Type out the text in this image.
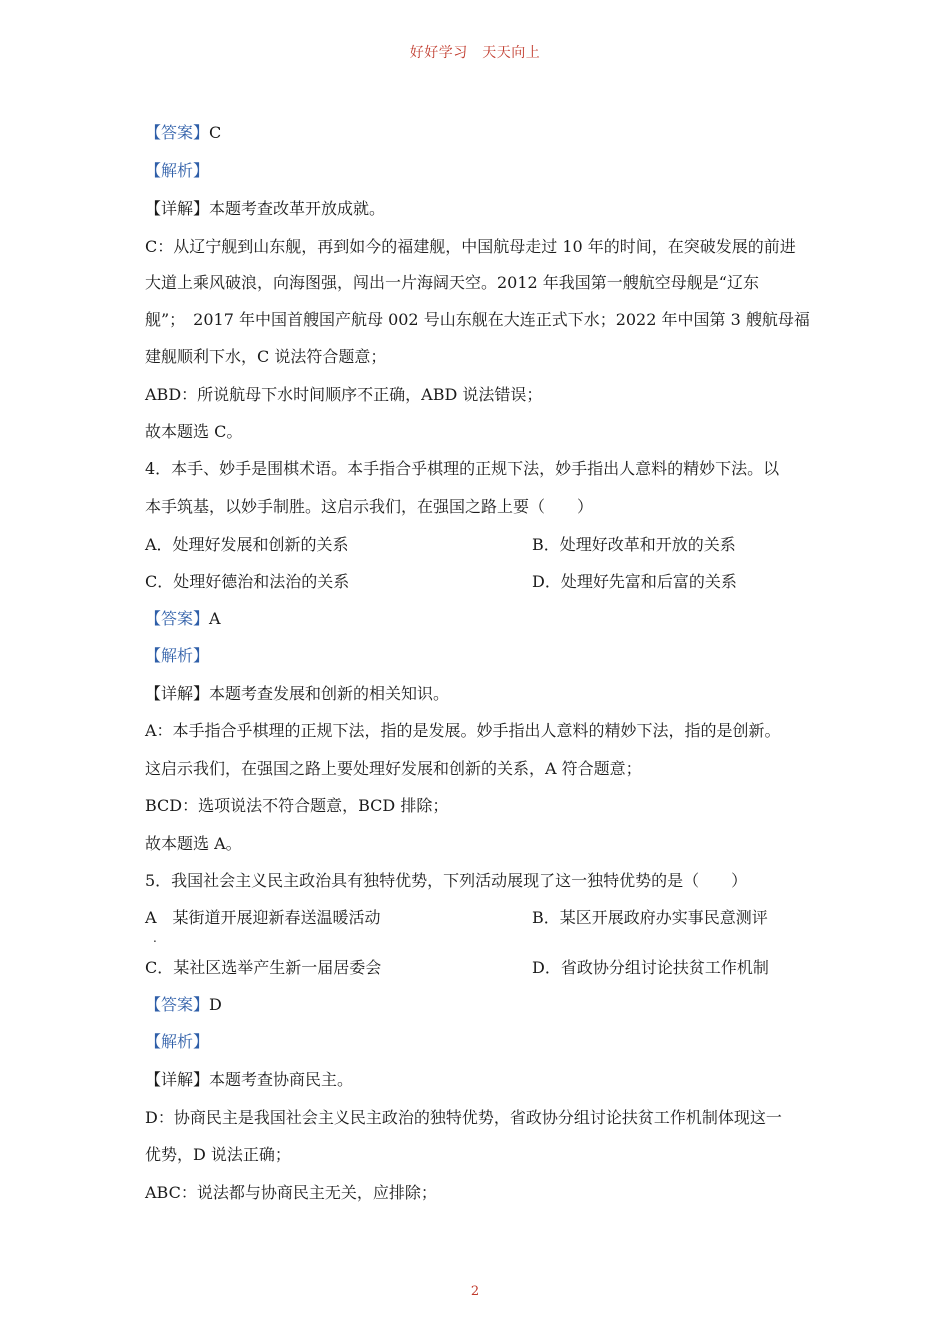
好好学习　天天向上
【答案】C
【解析】
【详解】本题考查改革开放成就。
C：从辽宁舰到山东舰，再到如今的福建舰，中国航母走过 10 年的时间，在突破发展的前进
大道上乘风破浪，向海图强，闯出一片海阔天空。2012 年我国第一艘航空母舰是“辽东
舰”；　2017 年中国首艘国产航母 002 号山东舰在大连正式下水；2022 年中国第 3 艘航母福
建舰顺利下水，C 说法符合题意；
ABD：所说航母下水时间顺序不正确，ABD 说法错误；
故本题选 C。
4．本手、妙手是围棋术语。本手指合乎棋理的正规下法，妙手指出人意料的精妙下法。以
本手筑基，以妙手制胜。这启示我们，在强国之路上要（　　）
A．处理好发展和创新的关系	B．处理好改革和开放的关系
C．处理好德治和法治的关系	D．处理好先富和后富的关系
【答案】A
【解析】
【详解】本题考查发展和创新的相关知识。
A：本手指合乎棋理的正规下法，指的是发展。妙手指出人意料的精妙下法，指的是创新。
这启示我们，在强国之路上要处理好发展和创新的关系，A 符合题意；
BCD：选项说法不符合题意，BCD 排除；
故本题选 A。
5．我国社会主义民主政治具有独特优势，下列活动展现了这一独特优势的是（　　）
A　某街道开展迎新春送温暖活动	B．某区开展政府办实事民意测评
C．某社区选举产生新一届居委会	D．省政协分组讨论扶贫工作机制
【答案】D
【解析】
【详解】本题考查协商民主。
D：协商民主是我国社会主义民主政治的独特优势，省政协分组讨论扶贫工作机制体现这一
优势，D 说法正确；
ABC：说法都与协商民主无关，应排除；
.
2
